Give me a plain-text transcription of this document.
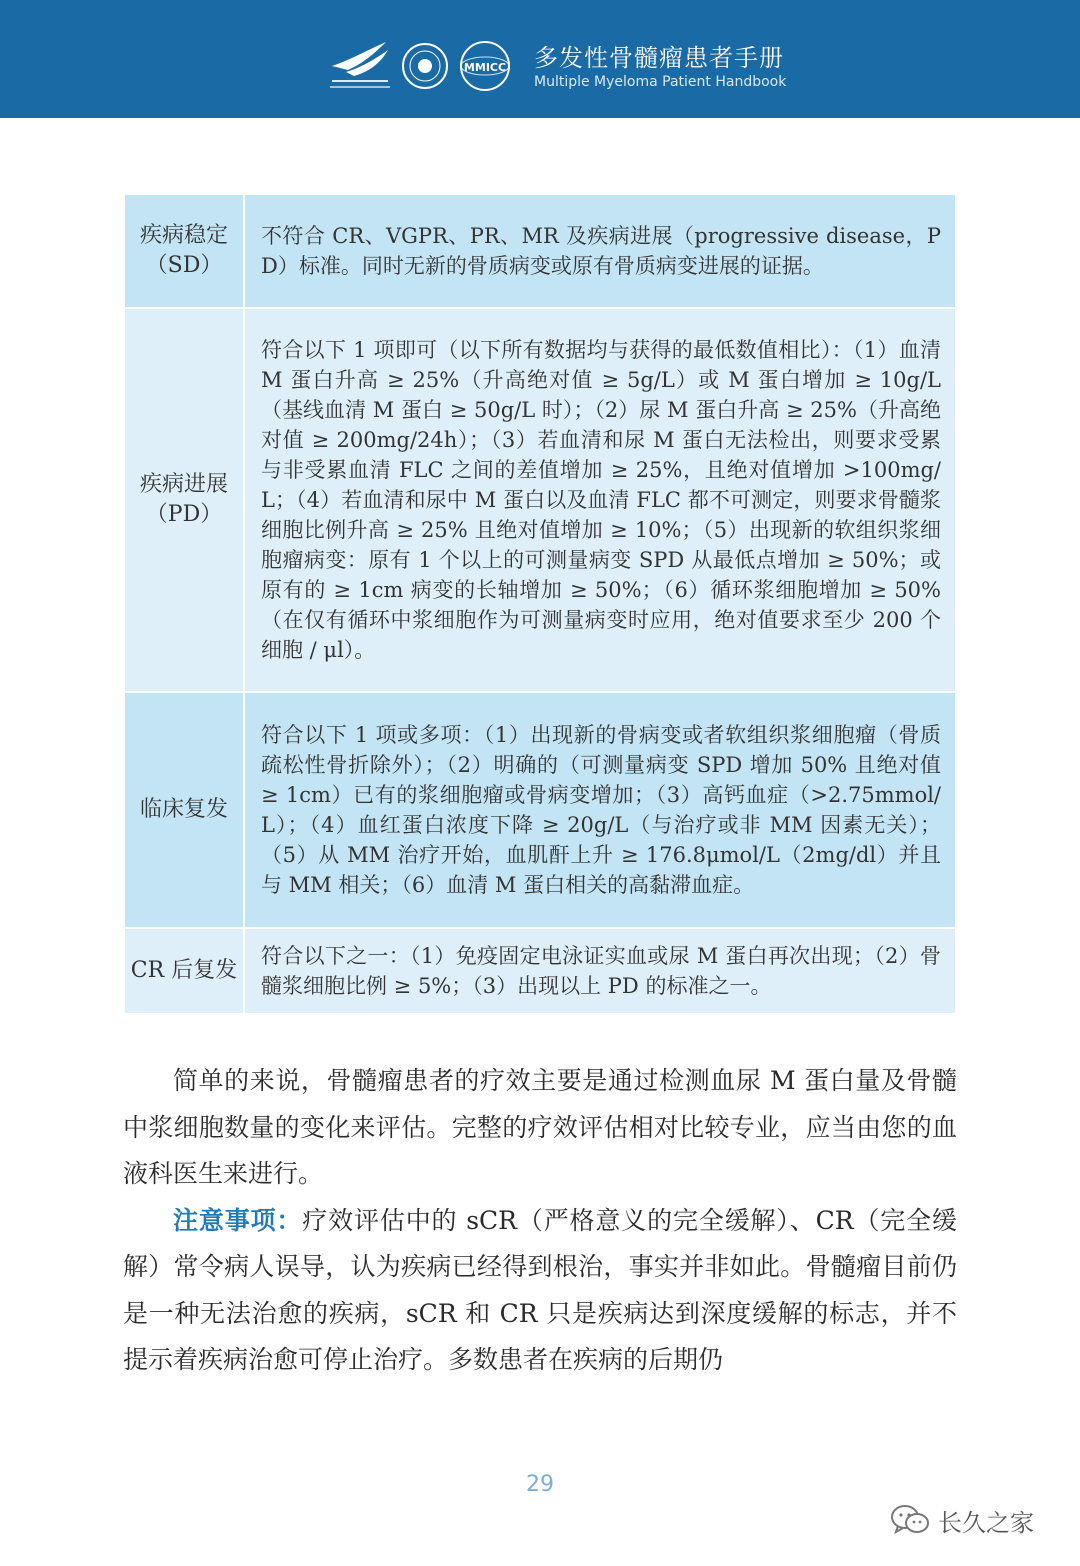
MMICC 多发性骨髓瘤患者手册
Multiple Myeloma Patient Handbook
疾病稳定（SD）	不符合 CR、VGPR、PR、MR 及疾病进展（progressive disease，PD）标准。同时无新的骨质病变或原有骨质病变进展的证据。
疾病进展（PD）	符合以下 1 项即可（以下所有数据均与获得的最低数值相比）：（1）血清 M 蛋白升高 ≥ 25%（升高绝对值 ≥ 5g/L）或 M 蛋白增加 ≥ 10g/L（基线血清 M 蛋白 ≥ 50g/L 时）；（2）尿 M 蛋白升高 ≥ 25%（升高绝对值 ≥ 200mg/24h）；（3）若血清和尿 M 蛋白无法检出，则要求受累与非受累血清 FLC 之间的差值增加 ≥ 25%，且绝对值增加 >100mg/L；（4）若血清和尿中 M 蛋白以及血清 FLC 都不可测定，则要求骨髓浆细胞比例升高 ≥ 25% 且绝对值增加 ≥ 10%；（5）出现新的软组织浆细胞瘤病变：原有 1 个以上的可测量病变 SPD 从最低点增加 ≥ 50%；或原有的 ≥ 1cm 病变的长轴增加 ≥ 50%；（6）循环浆细胞增加 ≥ 50%（在仅有循环中浆细胞作为可测量病变时应用，绝对值要求至少 200 个细胞 / μl）。
临床复发	符合以下 1 项或多项：（1）出现新的骨病变或者软组织浆细胞瘤（骨质疏松性骨折除外）；（2）明确的（可测量病变 SPD 增加 50% 且绝对值 ≥ 1cm）已有的浆细胞瘤或骨病变增加；（3）高钙血症（>2.75mmol/L）；（4）血红蛋白浓度下降 ≥ 20g/L（与治疗或非 MM 因素无关）；（5）从 MM 治疗开始，血肌酐上升 ≥ 176.8μmol/L（2mg/dl）并且与 MM 相关；（6）血清 M 蛋白相关的高黏滞血症。
CR 后复发	符合以下之一：（1）免疫固定电泳证实血或尿 M 蛋白再次出现；（2）骨髓浆细胞比例 ≥ 5%；（3）出现以上 PD 的标准之一。

简单的来说，骨髓瘤患者的疗效主要是通过检测血尿 M 蛋白量及骨髓中浆细胞数量的变化来评估。完整的疗效评估相对比较专业，应当由您的血液科医生来进行。

注意事项：疗效评估中的 sCR（严格意义的完全缓解）、CR（完全缓解）常令病人误导，认为疾病已经得到根治，事实并非如此。骨髓瘤目前仍是一种无法治愈的疾病，sCR 和 CR 只是疾病达到深度缓解的标志，并不提示着疾病治愈可停止治疗。多数患者在疾病的后期仍

29
长久之家
